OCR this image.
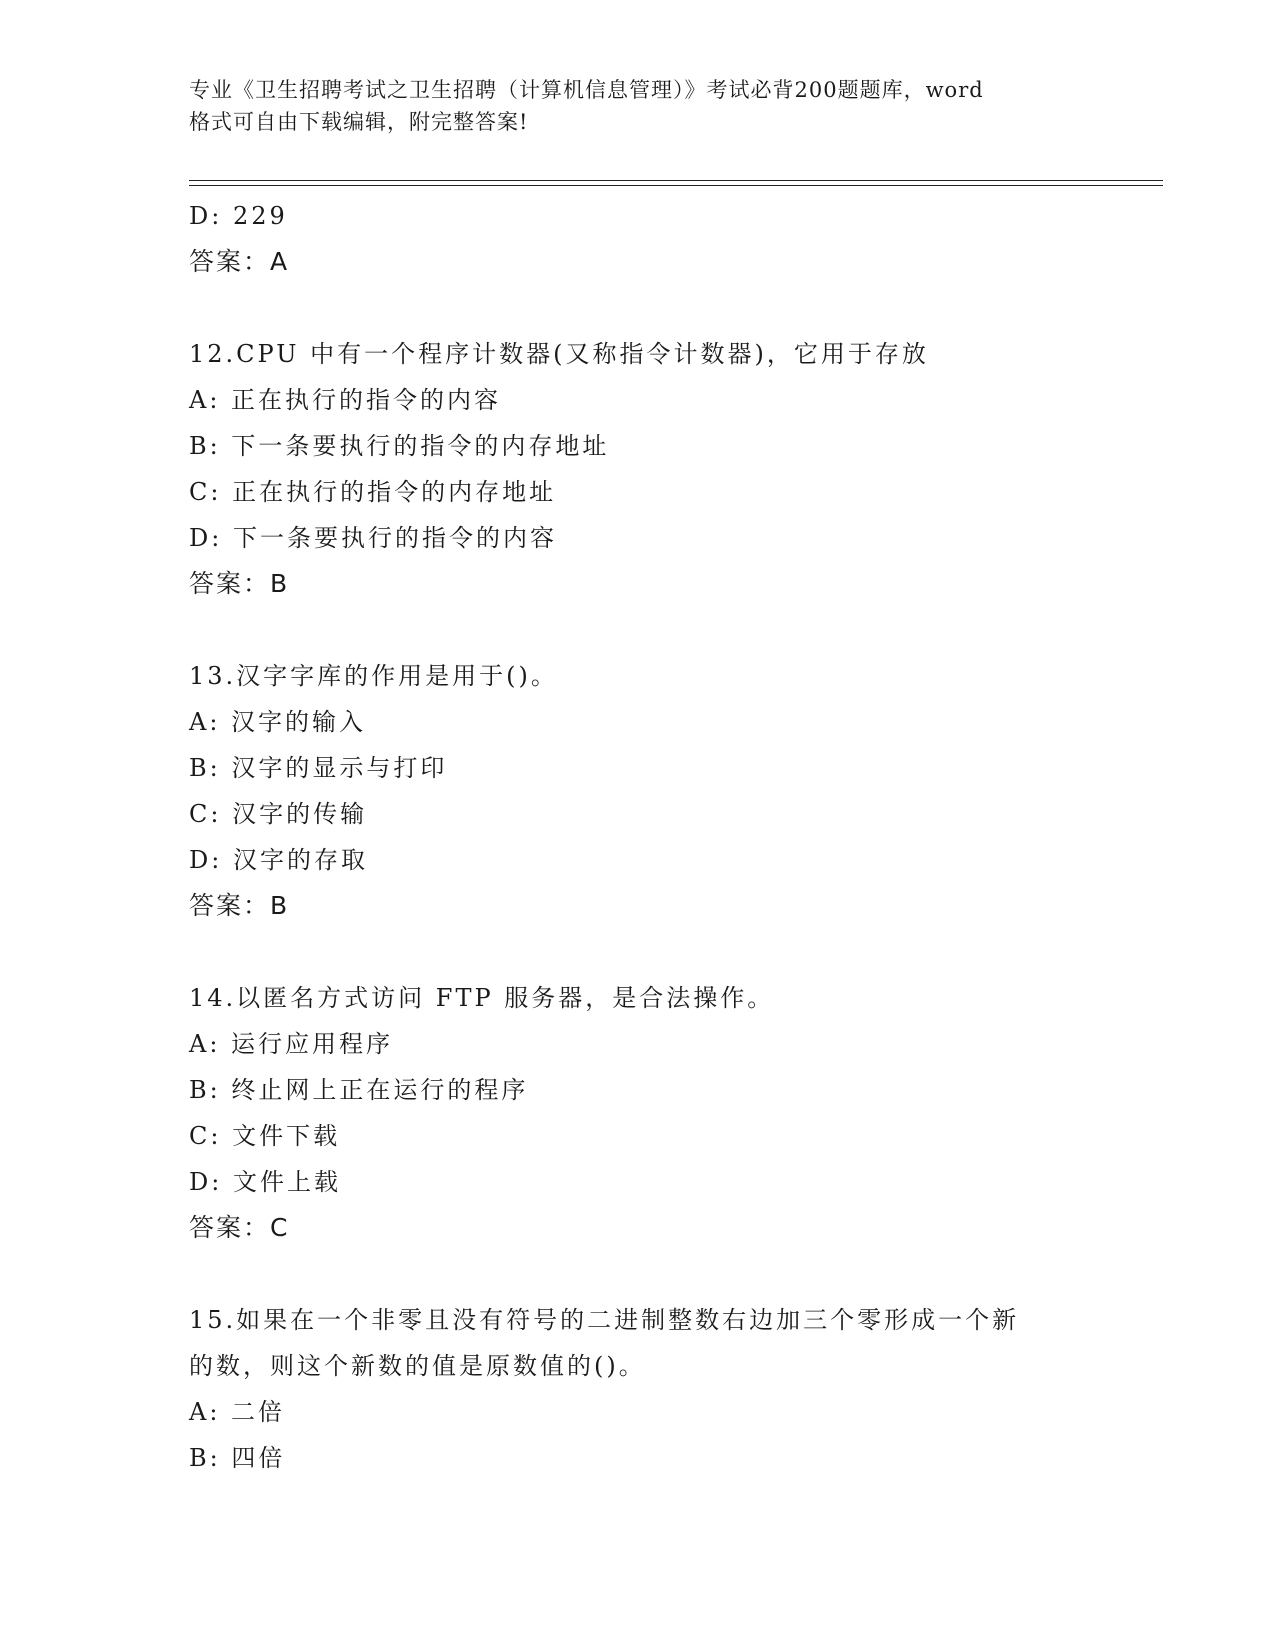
专业《卫生招聘考试之卫生招聘（计算机信息管理）》考试必背200题题库，word
格式可自由下载编辑，附完整答案!
D: 229
答案：A
12.CPU 中有一个程序计数器(又称指令计数器)，它用于存放
A: 正在执行的指令的内容
B: 下一条要执行的指令的内存地址
C: 正在执行的指令的内存地址
D: 下一条要执行的指令的内容
答案：B
13.汉字字库的作用是用于()。
A: 汉字的输入
B: 汉字的显示与打印
C: 汉字的传输
D: 汉字的存取
答案：B
14.以匿名方式访问 FTP 服务器，是合法操作。
A: 运行应用程序
B: 终止网上正在运行的程序
C: 文件下载
D: 文件上载
答案：C
15.如果在一个非零且没有符号的二进制整数右边加三个零形成一个新
的数，则这个新数的值是原数值的()。
A: 二倍
B: 四倍
